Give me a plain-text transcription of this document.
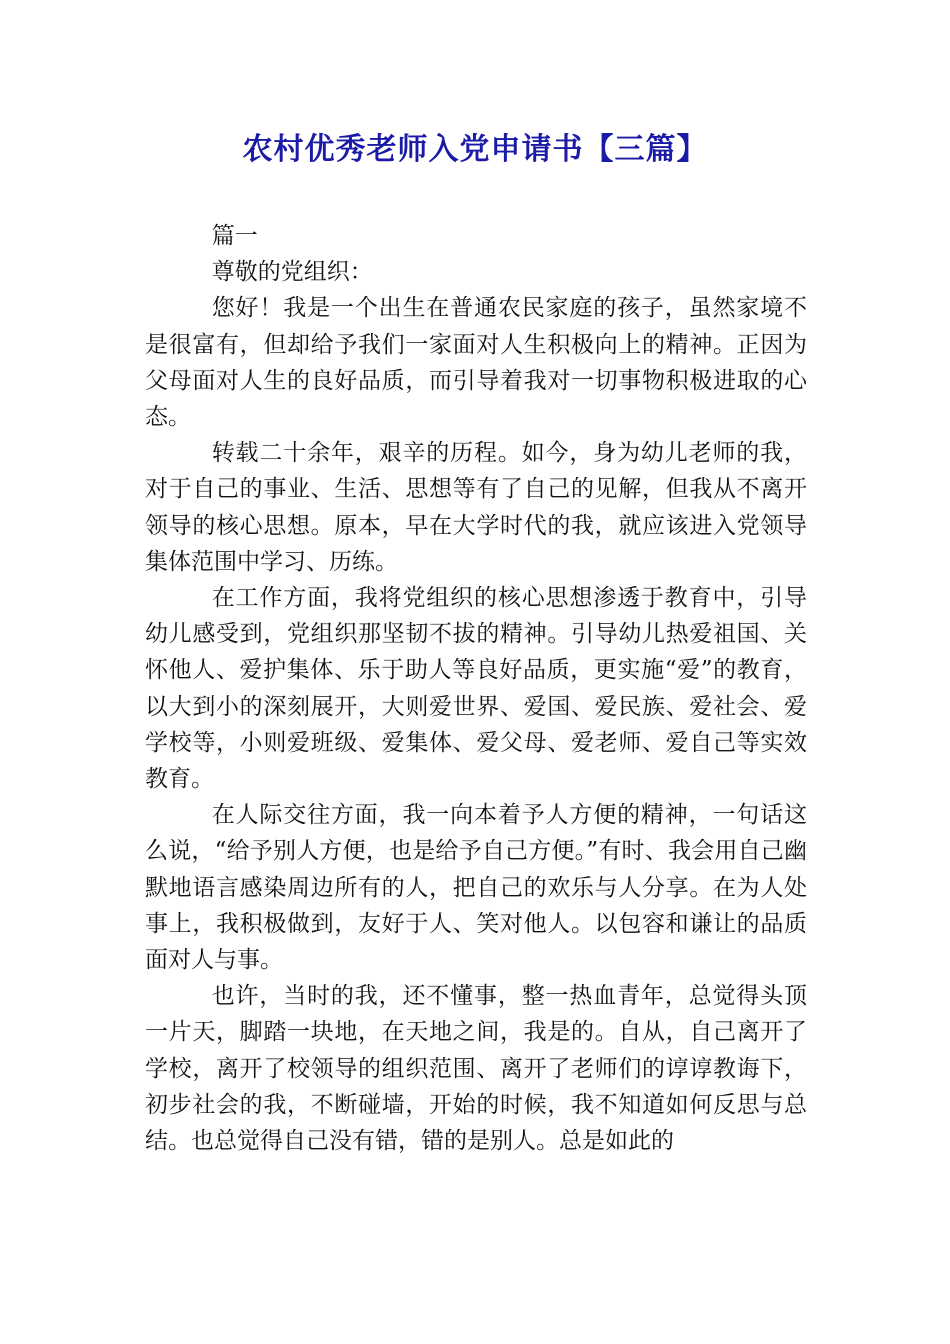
农村优秀老师入党申请书【三篇】

篇一

尊敬的党组织：

您好！我是一个出生在普通农民家庭的孩子，虽然家境不是很富有，但却给予我们一家面对人生积极向上的精神。正因为父母面对人生的良好品质，而引导着我对一切事物积极进取的心态。

转载二十余年，艰辛的历程。如今，身为幼儿老师的我，对于自己的事业、生活、思想等有了自己的见解，但我从不离开领导的核心思想。原本，早在大学时代的我，就应该进入党领导集体范围中学习、历练。

在工作方面，我将党组织的核心思想渗透于教育中，引导幼儿感受到，党组织那坚韧不拔的精神。引导幼儿热爱祖国、关怀他人、爱护集体、乐于助人等良好品质，更实施“爱”的教育，以大到小的深刻展开，大则爱世界、爱国、爱民族、爱社会、爱学校等，小则爱班级、爱集体、爱父母、爱老师、爱自己等实效教育。

在人际交往方面，我一向本着予人方便的精神，一句话这么说，“给予别人方便，也是给予自己方便。”有时、我会用自己幽默地语言感染周边所有的人，把自己的欢乐与人分享。在为人处事上，我积极做到，友好于人、笑对他人。以包容和谦让的品质面对人与事。

也许，当时的我，还不懂事，整一热血青年，总觉得头顶一片天，脚踏一块地，在天地之间，我是的。自从，自己离开了学校，离开了校领导的组织范围、离开了老师们的谆谆教诲下，初步社会的我，不断碰墙，开始的时候，我不知道如何反思与总结。也总觉得自己没有错，错的是别人。总是如此的
